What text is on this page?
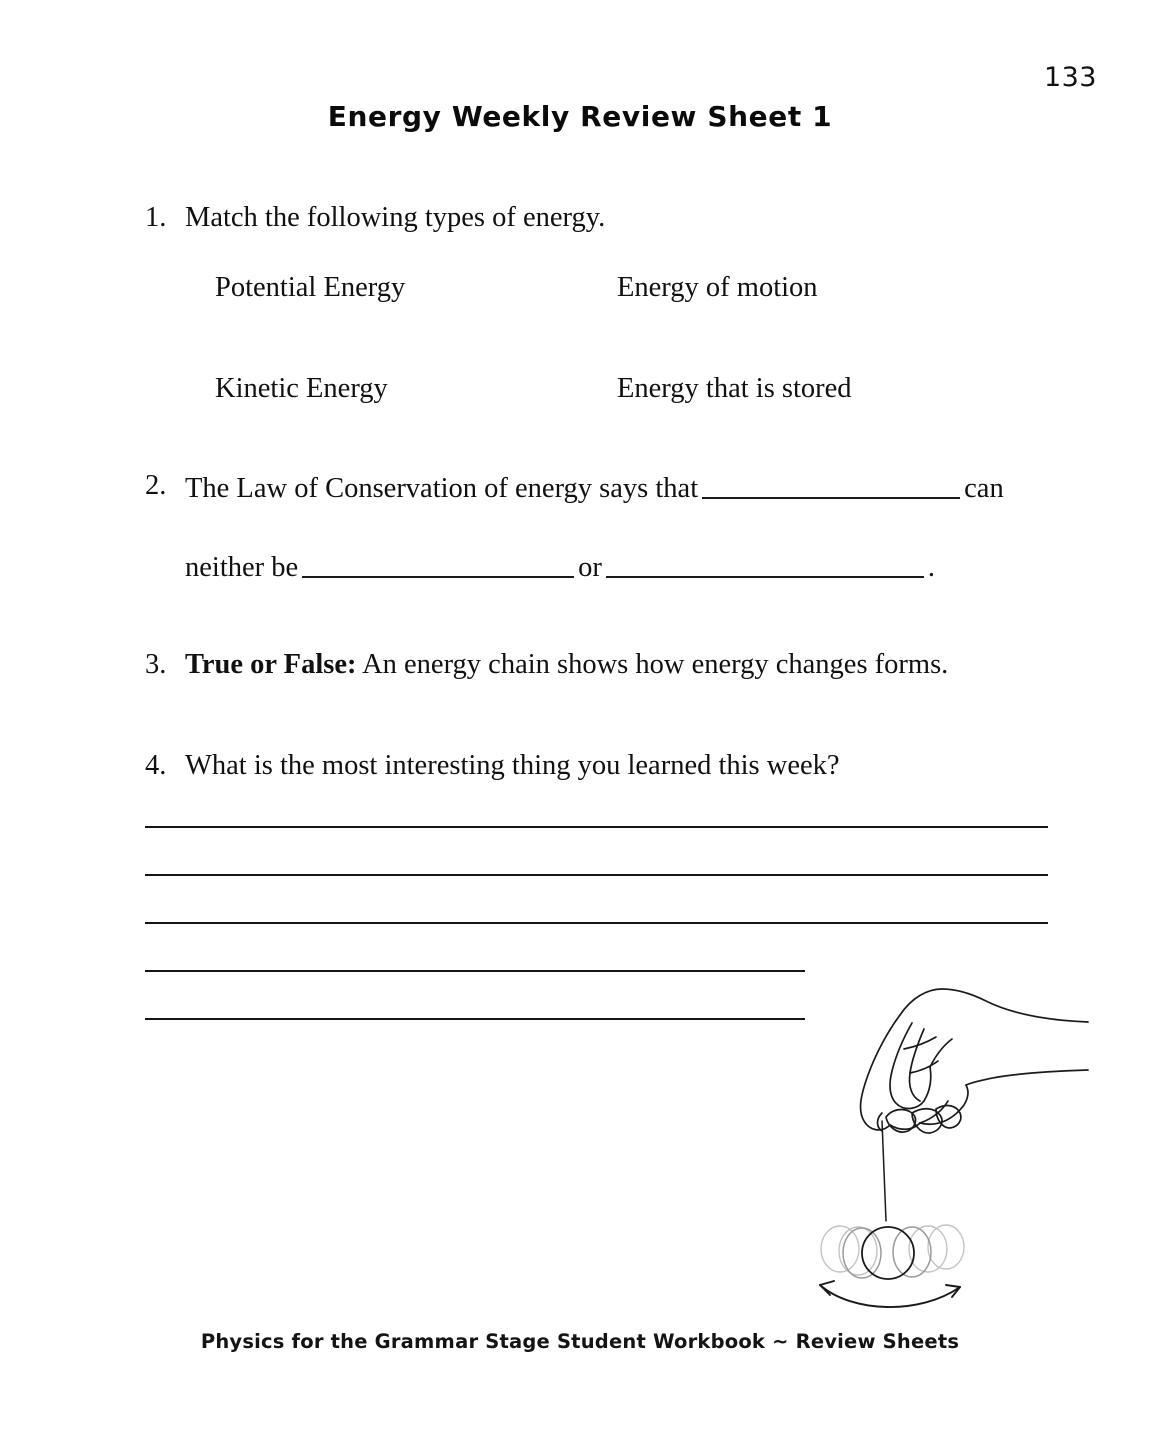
133
Energy Weekly Review Sheet 1
1. Match the following types of energy.
Potential Energy	Energy of motion
Kinetic Energy	Energy that is stored
2. The Law of Conservation of energy says that	can
neither be	or	.
3. True or False: An energy chain shows how energy changes forms.
4. What is the most interesting thing you learned this week?
Physics for the Grammar Stage Student Workbook ~ Review Sheets
